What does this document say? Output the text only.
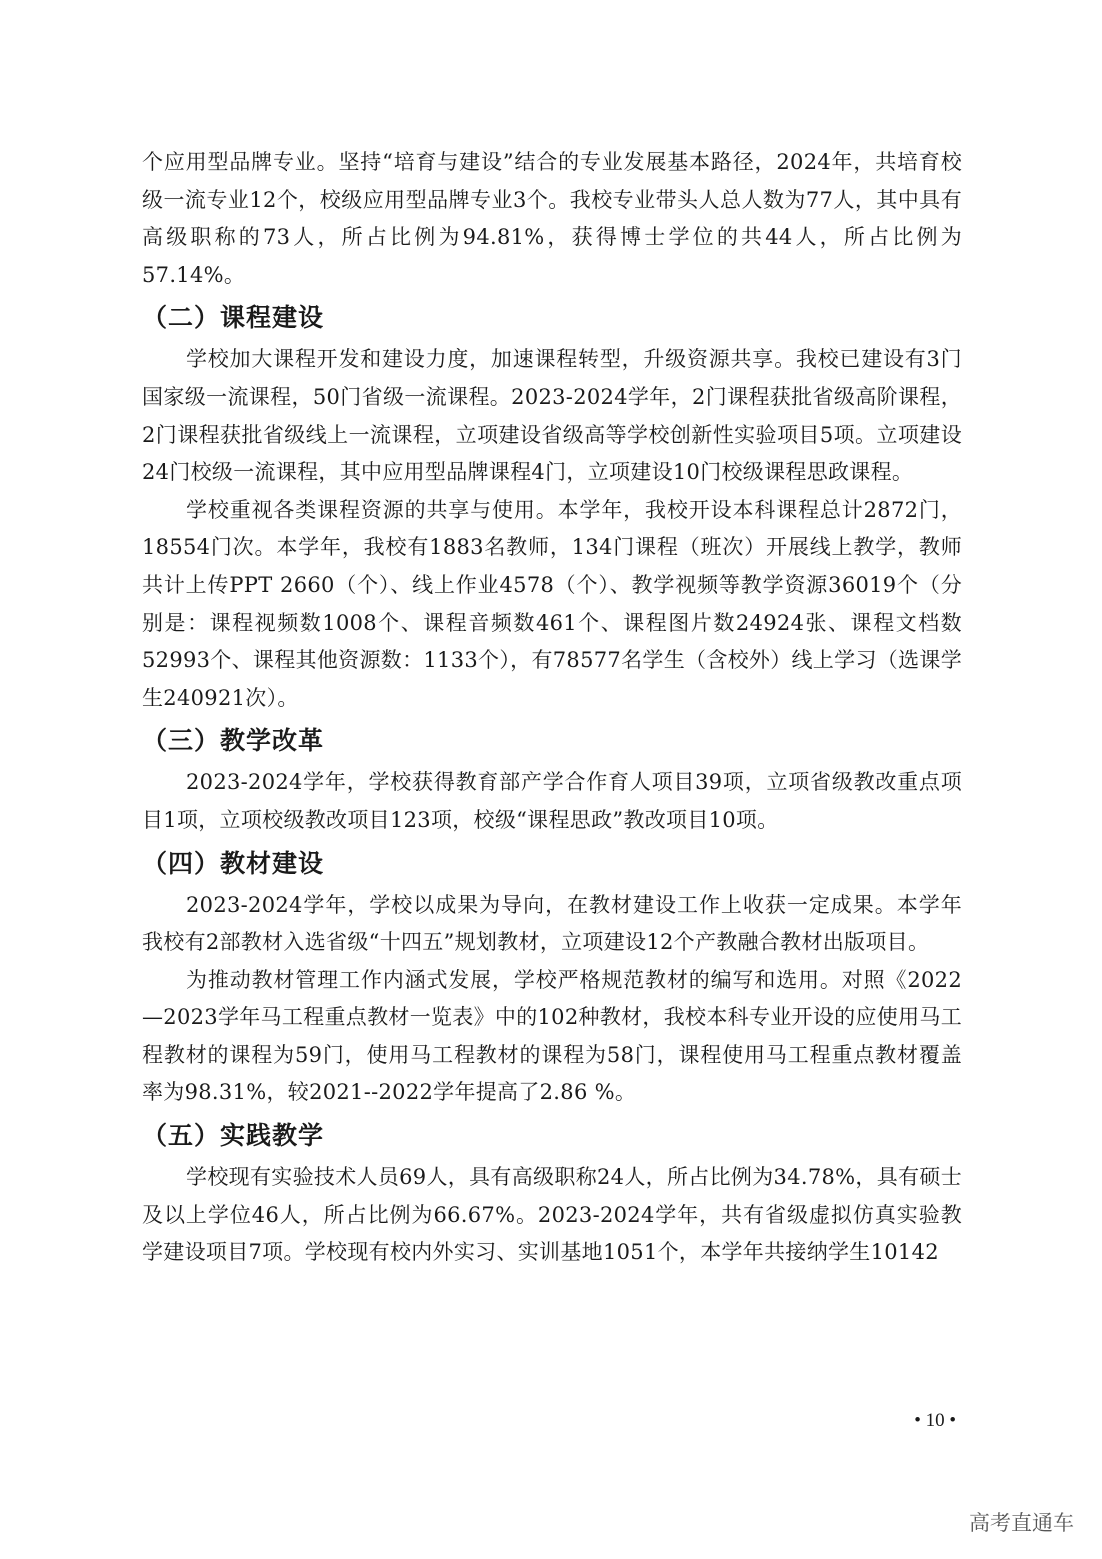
个应用型品牌专业。坚持“培育与建设”结合的专业发展基本路径，2024年，共培育校级一流专业12个，校级应用型品牌专业3个。我校专业带头人总人数为77人，其中具有高级职称的73人，所占比例为94.81%，获得博士学位的共44人，所占比例为57.14%。

（二）课程建设

学校加大课程开发和建设力度，加速课程转型，升级资源共享。我校已建设有3门国家级一流课程，50门省级一流课程。2023-2024学年，2门课程获批省级高阶课程，2门课程获批省级线上一流课程，立项建设省级高等学校创新性实验项目5项。立项建设24门校级一流课程，其中应用型品牌课程4门，立项建设10门校级课程思政课程。

学校重视各类课程资源的共享与使用。本学年，我校开设本科课程总计2872门，18554门次。本学年，我校有1883名教师，134门课程（班次）开展线上教学，教师共计上传PPT 2660（个）、线上作业4578（个）、教学视频等教学资源36019个（分别是：课程视频数1008个、课程音频数461个、课程图片数24924张、课程文档数52993个、课程其他资源数：1133个），有78577名学生（含校外）线上学习（选课学生240921次）。

（三）教学改革

2023-2024学年，学校获得教育部产学合作育人项目39项，立项省级教改重点项目1项，立项校级教改项目123项，校级“课程思政”教改项目10项。

（四）教材建设

2023-2024学年，学校以成果为导向，在教材建设工作上收获一定成果。本学年我校有2部教材入选省级“十四五”规划教材，立项建设12个产教融合教材出版项目。

为推动教材管理工作内涵式发展，学校严格规范教材的编写和选用。对照《2022—2023学年马工程重点教材一览表》中的102种教材，我校本科专业开设的应使用马工程教材的课程为59门，使用马工程教材的课程为58门，课程使用马工程重点教材覆盖率为98.31%，较2021--2022学年提高了2.86 %。

（五）实践教学

学校现有实验技术人员69人，具有高级职称24人，所占比例为34.78%，具有硕士及以上学位46人，所占比例为66.67%。2023-2024学年，共有省级虚拟仿真实验教学建设项目7项。学校现有校内外实习、实训基地1051个，本学年共接纳学生10142

• 10 •
高考直通车
